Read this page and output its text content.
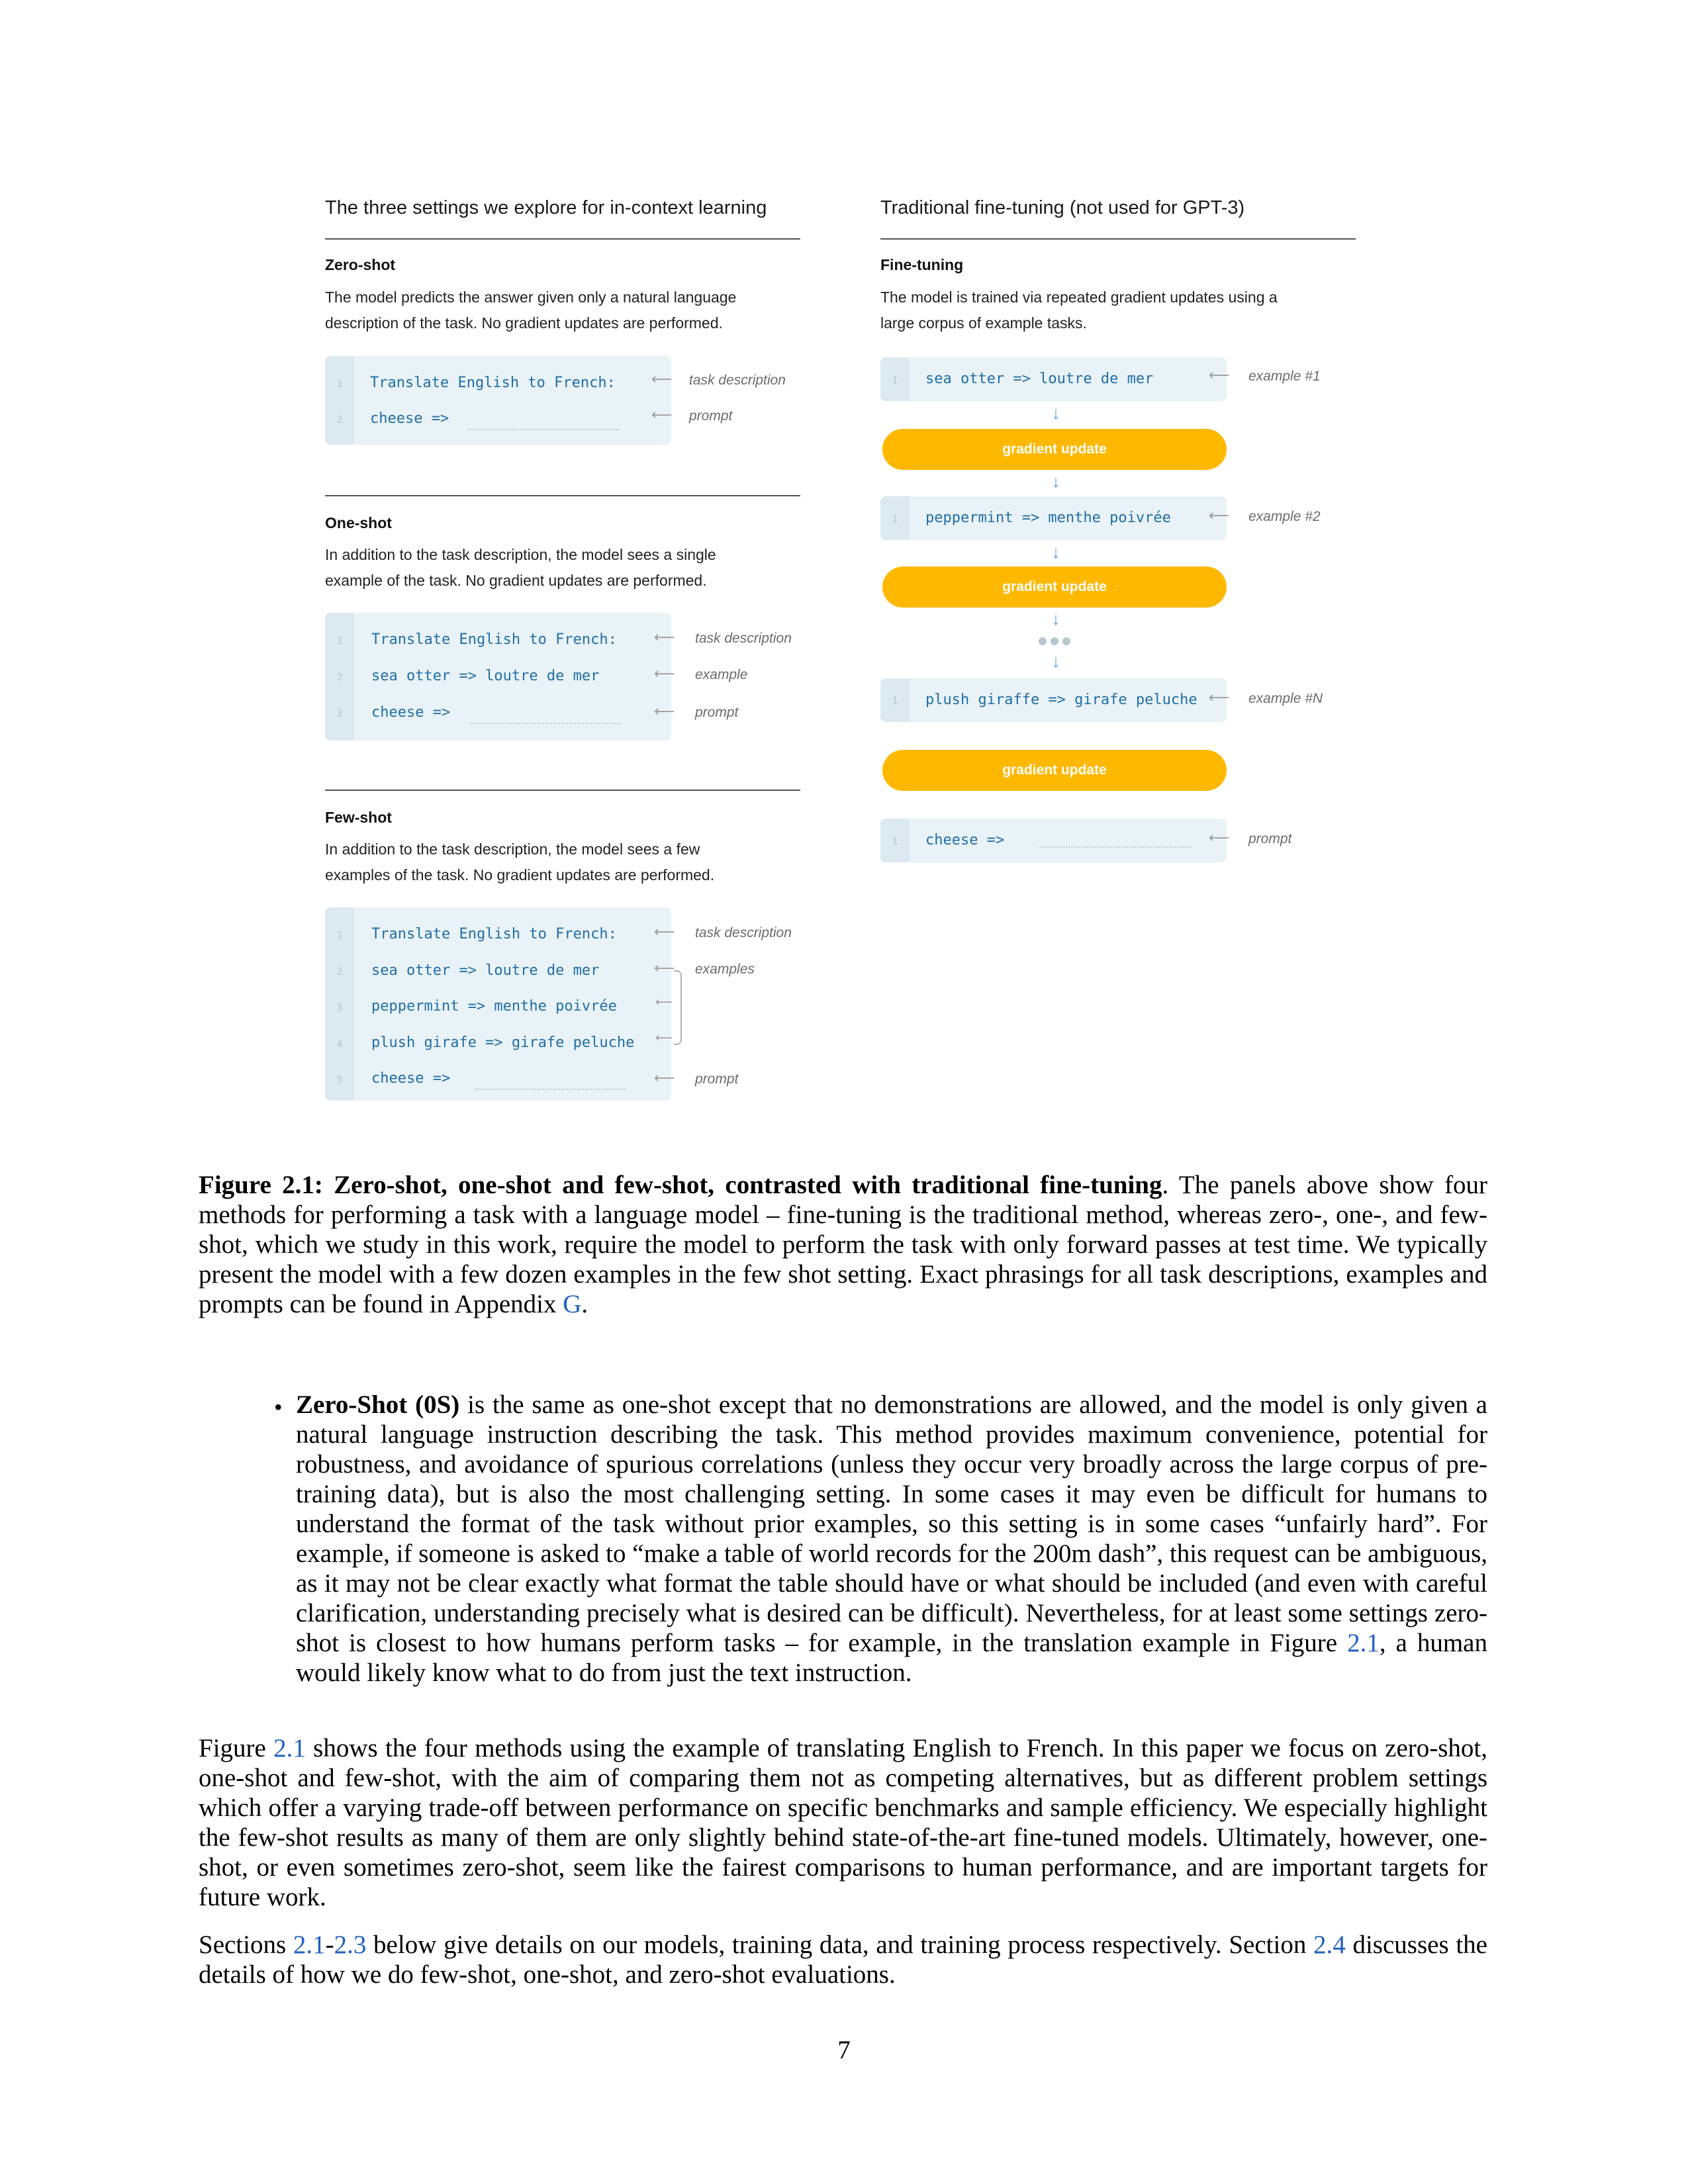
The three settings we explore for in-context learning
Zero-shot
The model predicts the answer given only a natural language
description of the task. No gradient updates are performed.
1	Translate English to French:
2	cheese =>
⟵ task description
⟵ prompt
One-shot
In addition to the task description, the model sees a single
example of the task. No gradient updates are performed.
1	Translate English to French:
2	sea otter => loutre de mer
3	cheese =>
⟵ task description
⟵ example
⟵ prompt
Few-shot
In addition to the task description, the model sees a few
examples of the task. No gradient updates are performed.
1	Translate English to French:
2	sea otter => loutre de mer
3	peppermint => menthe poivrée
4	plush girafe => girafe peluche
5	cheese =>
⟵ task description
⟵ examples
⟵
⟵
⟵ prompt
Traditional fine-tuning (not used for GPT-3)
Fine-tuning
The model is trained via repeated gradient updates using a
large corpus of example tasks.
1	sea otter => loutre de mer	⟵ example #1
↓
gradient update
↓
1	peppermint => menthe poivrée	⟵ example #2
↓
gradient update
↓
↓
1	plush giraffe => girafe peluche ⟵ example #N
gradient update
1	cheese =>	⟵ prompt
Figure 2.1: Zero-shot, one-shot and few-shot, contrasted with traditional fine-tuning. The panels above show four methods for performing a task with a language model – fine-tuning is the traditional method, whereas zero-, one-, and few-shot, which we study in this work, require the model to perform the task with only forward passes at test time. We typically present the model with a few dozen examples in the few shot setting. Exact phrasings for all task descriptions, examples and prompts can be found in Appendix G.
• Zero-Shot (0S) is the same as one-shot except that no demonstrations are allowed, and the model is only given a natural language instruction describing the task. This method provides maximum convenience, potential for robustness, and avoidance of spurious correlations (unless they occur very broadly across the large corpus of pre-training data), but is also the most challenging setting. In some cases it may even be difficult for humans to understand the format of the task without prior examples, so this setting is in some cases “unfairly hard”. For example, if someone is asked to “make a table of world records for the 200m dash”, this request can be ambiguous, as it may not be clear exactly what format the table should have or what should be included (and even with careful clarification, understanding precisely what is desired can be difficult). Nevertheless, for at least some settings zero-shot is closest to how humans perform tasks – for example, in the translation example in Figure 2.1, a human would likely know what to do from just the text instruction.
Figure 2.1 shows the four methods using the example of translating English to French. In this paper we focus on zero-shot, one-shot and few-shot, with the aim of comparing them not as competing alternatives, but as different problem settings which offer a varying trade-off between performance on specific benchmarks and sample efficiency. We especially highlight the few-shot results as many of them are only slightly behind state-of-the-art fine-tuned models. Ultimately, however, one-shot, or even sometimes zero-shot, seem like the fairest comparisons to human performance, and are important targets for future work.
Sections 2.1-2.3 below give details on our models, training data, and training process respectively. Section 2.4 discusses the details of how we do few-shot, one-shot, and zero-shot evaluations.
7
